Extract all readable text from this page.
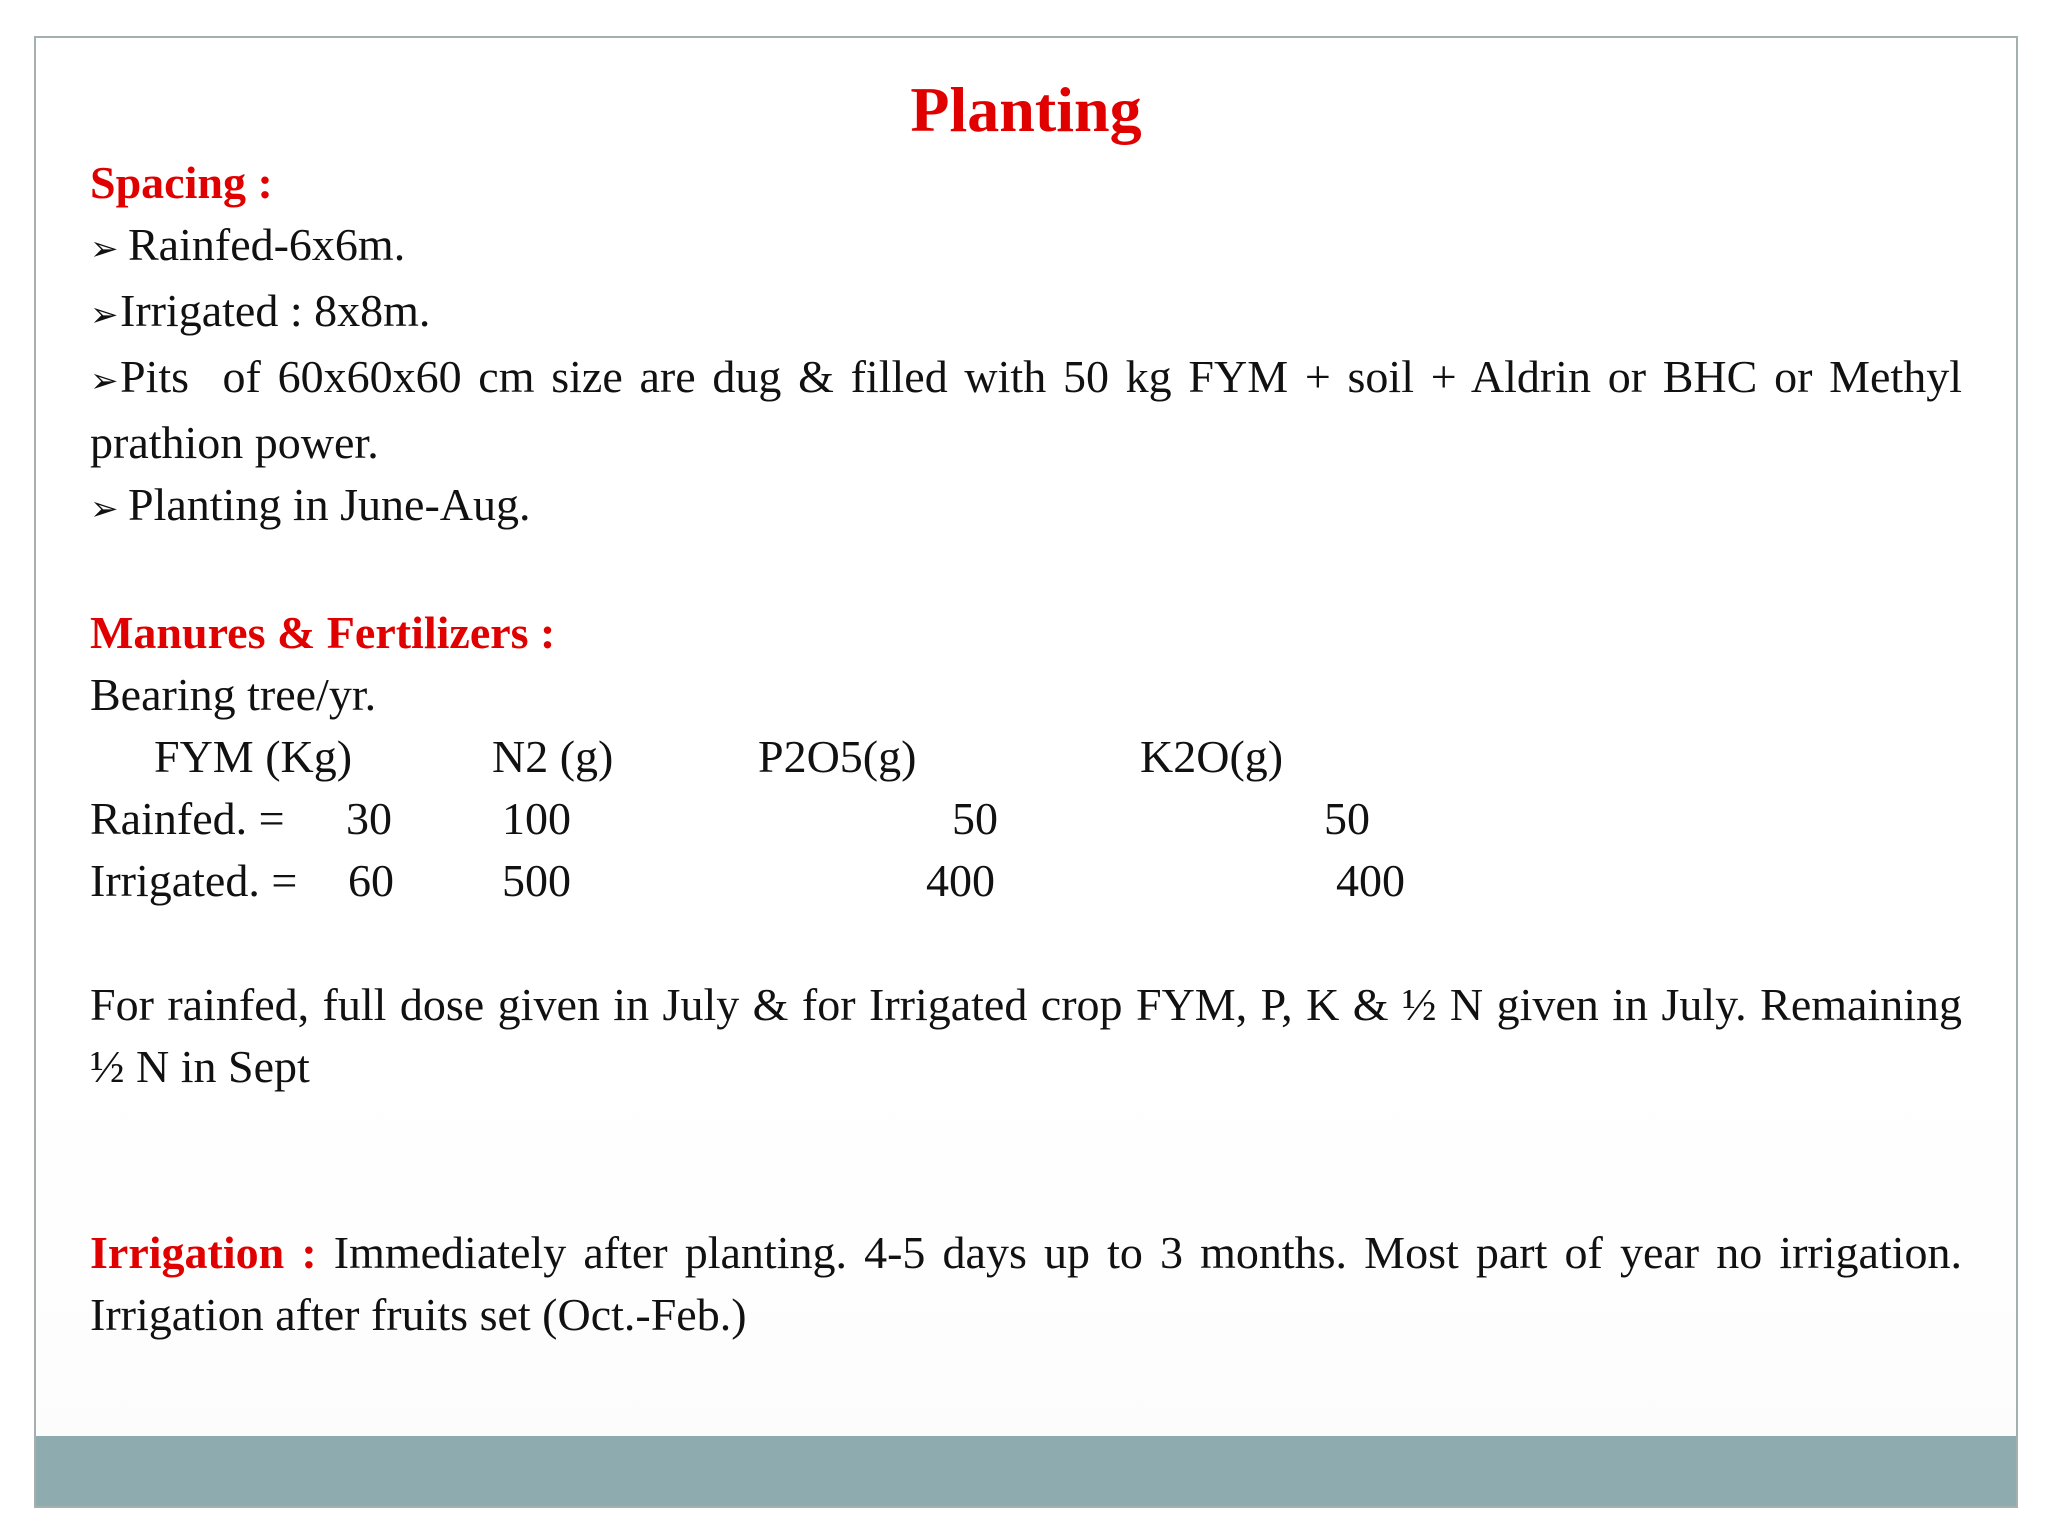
Planting
Spacing :
➢ Rainfed-6x6m.
➢Irrigated : 8x8m.
➢Pits  of 60x60x60 cm size are dug & filled with 50 kg FYM + soil + Aldrin or BHC or Methyl prathion power.
➢ Planting in June-Aug.
Manures & Fertilizers :
Bearing tree/yr.
FYM (Kg)	N2 (g)	P2O5(g)	K2O(g)
Rainfed. = 30 100	50	50
Irrigated. = 60 500	400	400
For rainfed, full dose given in July & for Irrigated crop FYM, P, K & ½ N given in July. Remaining ½ N in Sept
Irrigation : Immediately after planting. 4-5 days up to 3 months. Most part of year no irrigation. Irrigation after fruits set (Oct.-Feb.)
